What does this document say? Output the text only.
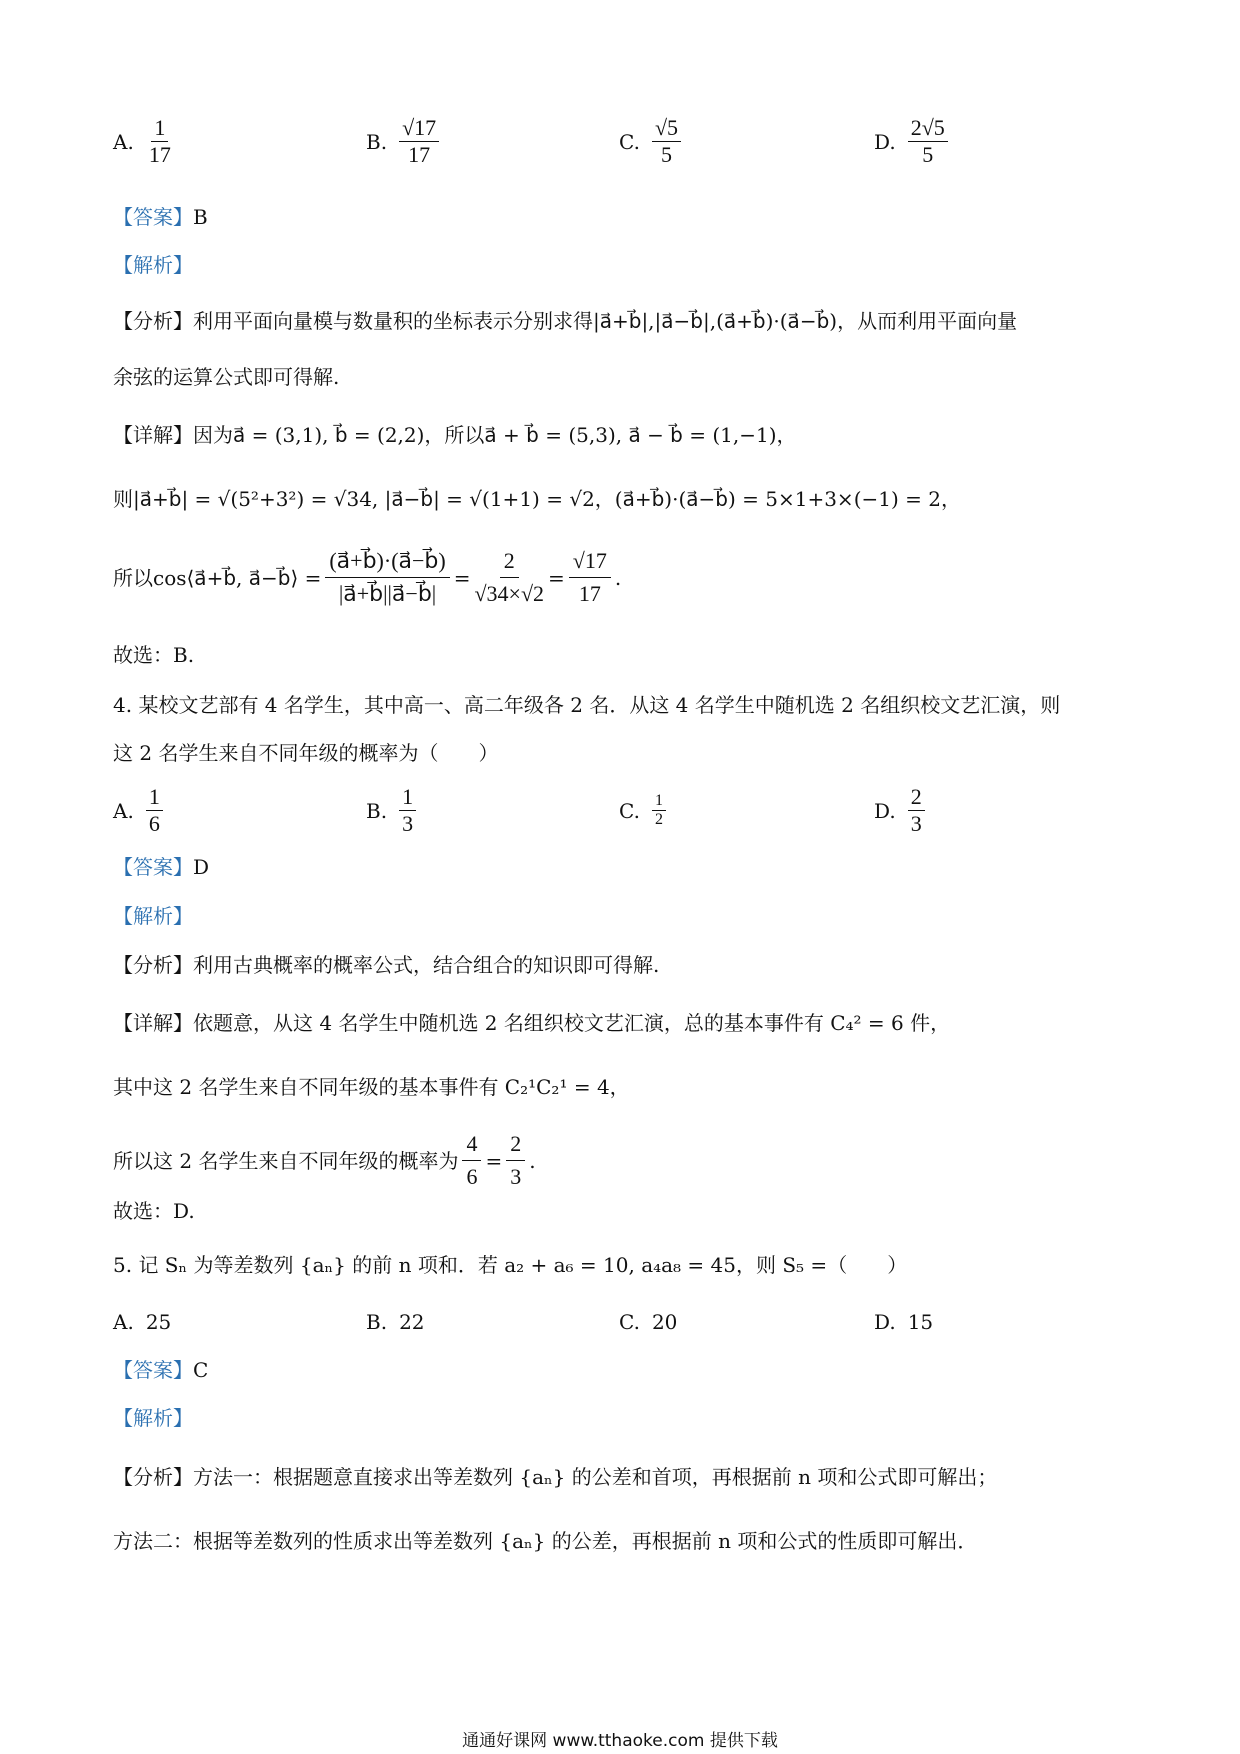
A. $\frac{1}{17}$	B. $\frac{√17}{17}$	C. $\frac{√5}{5}$	D. $\frac{2√5}{5}$
【答案】B
【解析】
【分析】利用平面向量模与数量积的坐标表示分别求得|a⃗+b⃗|,|a⃗−b⃗|,(a⃗+b⃗)·(a⃗−b⃗)，从而利用平面向量
余弦的运算公式即可得解.
【详解】因为a⃗ = (3,1), b⃗ = (2,2)，所以a⃗ + b⃗ = (5,3), a⃗ − b⃗ = (1,−1)，
则|a⃗+b⃗| = √(5²+3²) = √34, |a⃗−b⃗| = √(1+1) = √2，(a⃗+b⃗)·(a⃗−b⃗) = 5×1+3×(−1) = 2，
所以cos⟨a⃗+b⃗, a⃗−b⃗⟩ = $\frac{(a⃗+b⃗)\cdot(a⃗-b⃗)}{|a⃗+b⃗||a⃗-b⃗|} = \frac{2}{√34\times√2} = \frac{√17}{17}$ .
故选：B.
4. 某校文艺部有 4 名学生，其中高一、高二年级各 2 名．从这 4 名学生中随机选 2 名组织校文艺汇演，则
这 2 名学生来自不同年级的概率为（　　）
A. $\frac{1}{6}$	B. $\frac{1}{3}$	C. $\frac{1}{2}$	D. $\frac{2}{3}$
【答案】D
【解析】
【分析】利用古典概率的概率公式，结合组合的知识即可得解.
【详解】依题意，从这 4 名学生中随机选 2 名组织校文艺汇演，总的基本事件有 C₄² = 6 件，
其中这 2 名学生来自不同年级的基本事件有 C₂¹C₂¹ = 4，
所以这 2 名学生来自不同年级的概率为 $\frac{4}{6} = \frac{2}{3}$ .
故选：D.
5. 记 Sₙ 为等差数列 {aₙ} 的前 n 项和．若 a₂ + a₆ = 10, a₄a₈ = 45，则 S₅ =（　　）
A. 25	B. 22	C. 20	D. 15
【答案】C
【解析】
【分析】方法一：根据题意直接求出等差数列 {aₙ} 的公差和首项，再根据前 n 项和公式即可解出；
方法二：根据等差数列的性质求出等差数列 {aₙ} 的公差，再根据前 n 项和公式的性质即可解出．
通通好课网 www.tthaoke.com 提供下载
